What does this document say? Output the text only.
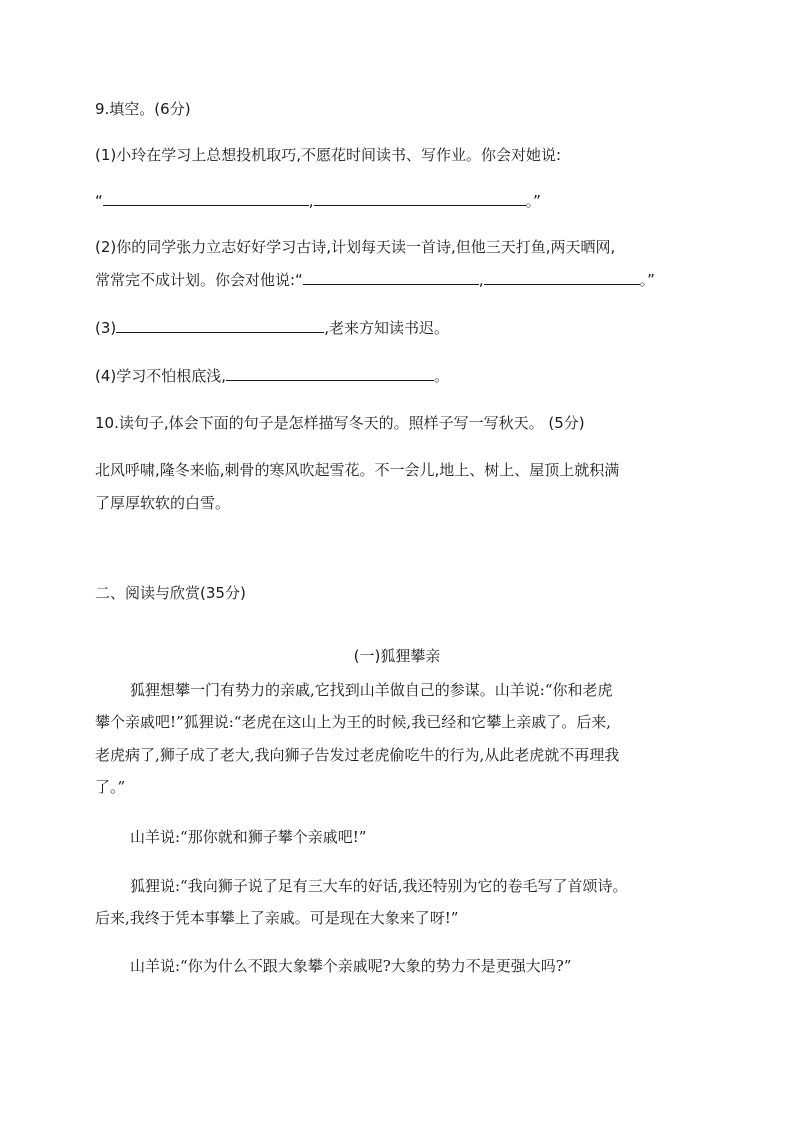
9.填空。(6分)

(1)小玲在学习上总想投机取巧,不愿花时间读书、写作业。你会对她说:

“	,	。”

(2)你的同学张力立志好好学习古诗,计划每天读一首诗,但他三天打鱼,两天晒网,

常常完不成计划。你会对他说:“	,	。”
(3)	,老来方知读书迟。
(4)学习不怕根底浅,	。

10.读句子,体会下面的句子是怎样描写冬天的。照样子写一写秋天。 (5分)

北风呼啸,隆冬来临,刺骨的寒风吹起雪花。不一会儿,地上、树上、屋顶上就积满

了厚厚软软的白雪。

二、阅读与欣赏(35分)

(一)狐狸攀亲

狐狸想攀一门有势力的亲戚,它找到山羊做自己的参谋。山羊说:“你和老虎

攀个亲戚吧!”狐狸说:“老虎在这山上为王的时候,我已经和它攀上亲戚了。后来,

老虎病了,狮子成了老大,我向狮子告发过老虎偷吃牛的行为,从此老虎就不再理我

了。”

山羊说:“那你就和狮子攀个亲戚吧!”

狐狸说:“我向狮子说了足有三大车的好话,我还特别为它的卷毛写了首颂诗。

后来,我终于凭本事攀上了亲戚。可是现在大象来了呀!”

山羊说:“你为什么不跟大象攀个亲戚呢?大象的势力不是更强大吗?”
